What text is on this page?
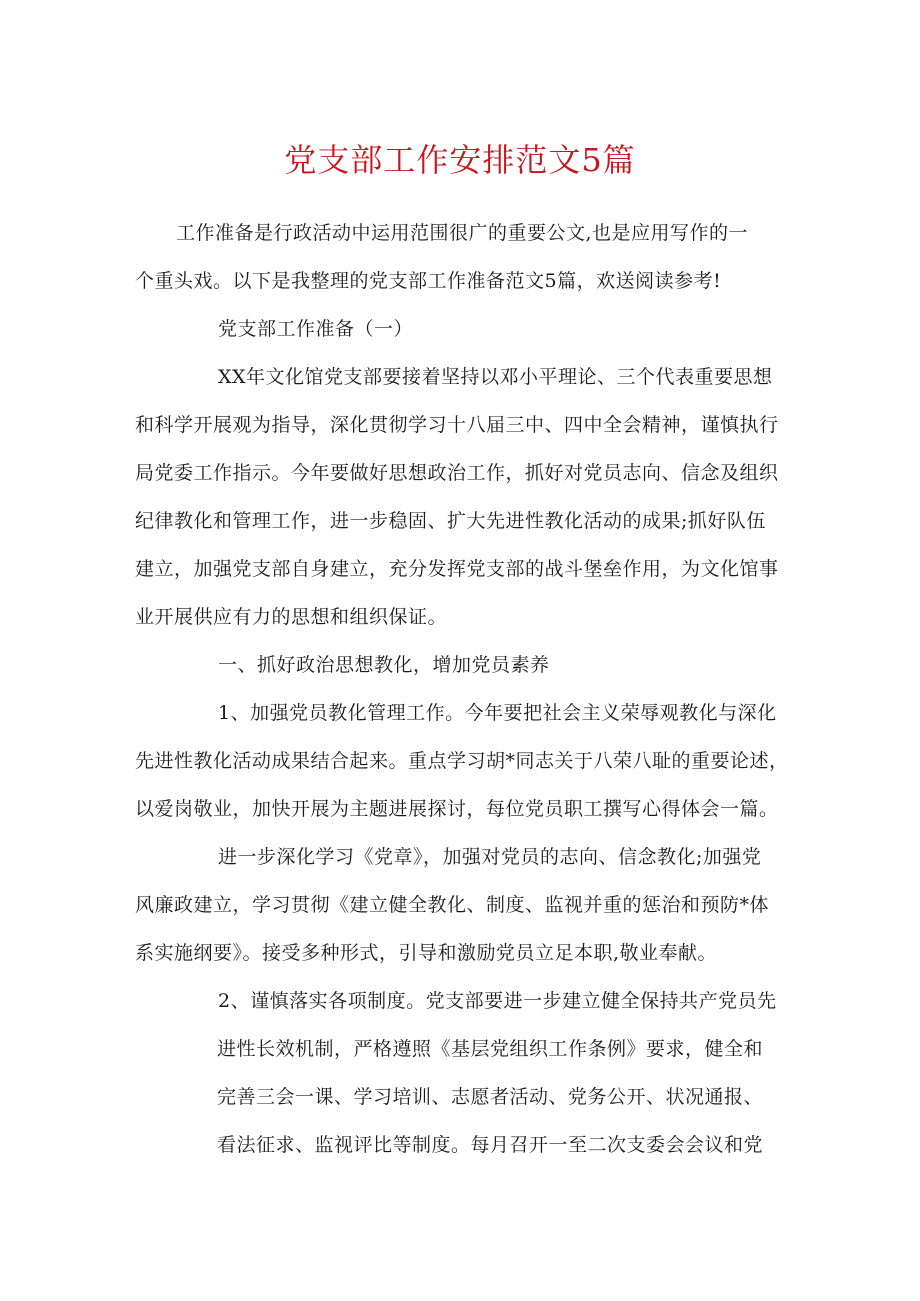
党支部工作安排范文5篇
工作准备是行政活动中运用范围很广的重要公文,也是应用写作的一
个重头戏。以下是我整理的党支部工作准备范文5篇，欢送阅读参考!
党支部工作准备（一）
XX年文化馆党支部要接着坚持以邓小平理论、三个代表重要思想
和科学开展观为指导，深化贯彻学习十八届三中、四中全会精神，谨慎执行
局党委工作指示。今年要做好思想政治工作，抓好对党员志向、信念及组织
纪律教化和管理工作，进一步稳固、扩大先进性教化活动的成果;抓好队伍
建立，加强党支部自身建立，充分发挥党支部的战斗堡垒作用，为文化馆事
业开展供应有力的思想和组织保证。
一、抓好政治思想教化，增加党员素养
1、加强党员教化管理工作。今年要把社会主义荣辱观教化与深化
先进性教化活动成果结合起来。重点学习胡*同志关于八荣八耻的重要论述，
以爱岗敬业，加快开展为主题进展探讨，每位党员职工撰写心得体会一篇。
进一步深化学习《党章》，加强对党员的志向、信念教化;加强党
风廉政建立，学习贯彻《建立健全教化、制度、监视并重的惩治和预防*体
系实施纲要》。接受多种形式，引导和激励党员立足本职,敬业奉献。
2、谨慎落实各项制度。党支部要进一步建立健全保持共产党员先
进性长效机制，严格遵照《基层党组织工作条例》要求，健全和
完善三会一课、学习培训、志愿者活动、党务公开、状况通报、
看法征求、监视评比等制度。每月召开一至二次支委会会议和党
